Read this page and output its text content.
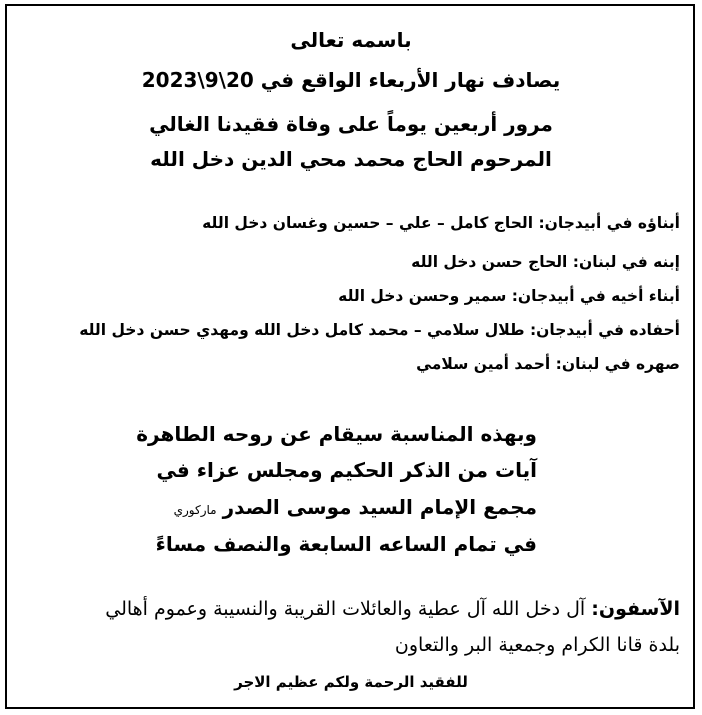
باسمه تعالى
يصادف نهار الأربعاء الواقع في 20\9\2023
مرور أربعين يوماً على وفاة فقيدنا الغالي
المرحوم الحاج محمد محي الدين دخل الله
أبناؤه في أبيدجان: الحاج كامل – علي – حسين وغسان دخل الله
إبنه في لبنان: الحاج حسن دخل الله
أبناء أخيه في أبيدجان: سمير وحسن دخل الله
أحفاده في أبيدجان: طلال سلامي – محمد كامل دخل الله ومهدي حسن دخل الله
صهره في لبنان: أحمد أمين سلامي
وبهذه المناسبة سيقام عن روحه الطاهرة
آيات من الذكر الحكيم ومجلس عزاء في
مجمع الإمام السيد موسى الصدرماركوري
في تمام الساعه السابعة والنصف مساءً
الآسفون: آل دخل الله آل عطية والعائلات القريبة والنسيبة وعموم أهالي
بلدة قانا الكرام وجمعية البر والتعاون
للفقيد الرحمة ولكم عظيم الاجر
